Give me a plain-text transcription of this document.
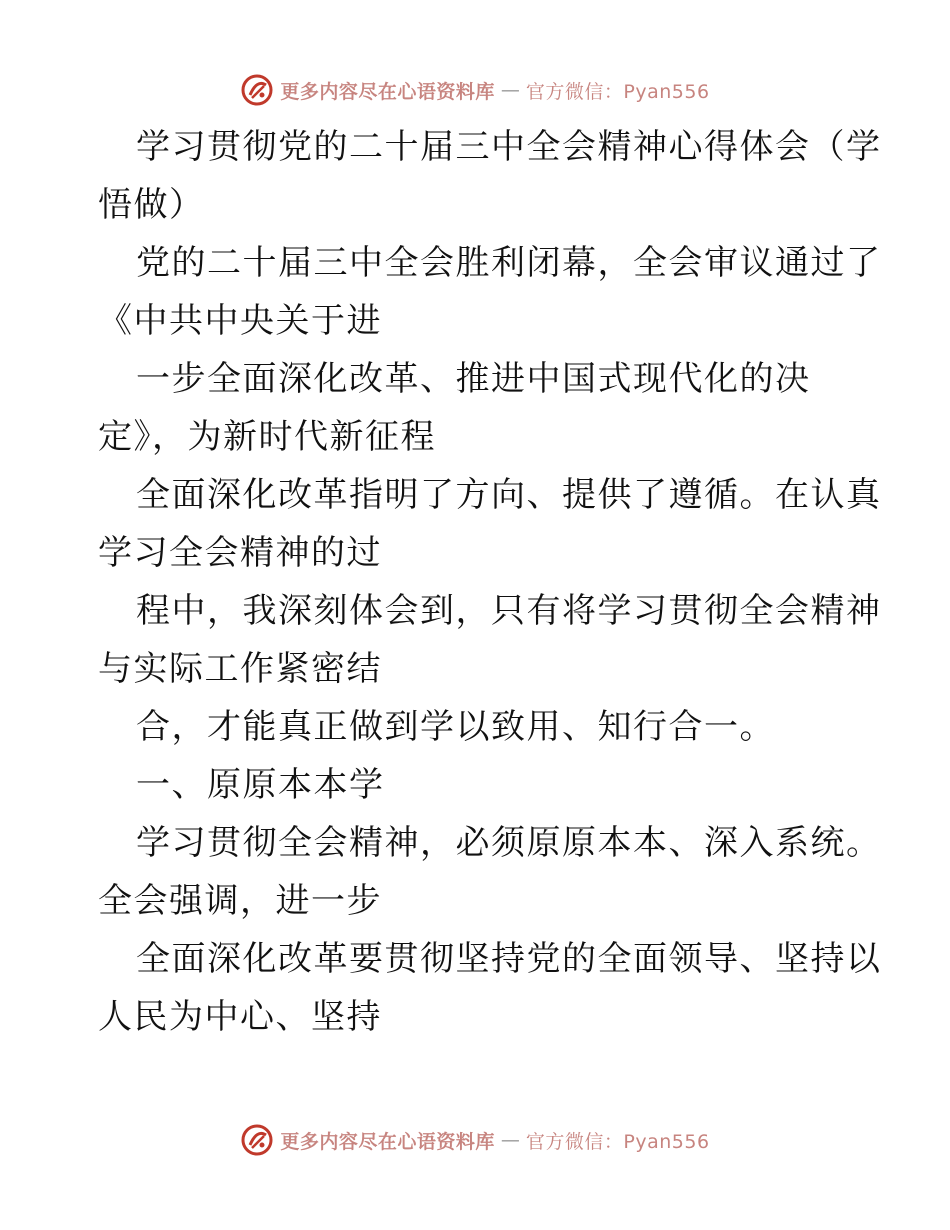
更多内容尽在心语资料库 — 官方微信：Pyan556
学习贯彻党的二十届三中全会精神心得体会（学
悟做）
党的二十届三中全会胜利闭幕，全会审议通过了
《中共中央关于进
一步全面深化改革、推进中国式现代化的决
定》，为新时代新征程
全面深化改革指明了方向、提供了遵循。在认真
学习全会精神的过
程中，我深刻体会到，只有将学习贯彻全会精神
与实际工作紧密结
合，才能真正做到学以致用、知行合一。
一、原原本本学
学习贯彻全会精神，必须原原本本、深入系统。
全会强调，进一步
全面深化改革要贯彻坚持党的全面领导、坚持以
人民为中心、坚持
更多内容尽在心语资料库 — 官方微信：Pyan556
